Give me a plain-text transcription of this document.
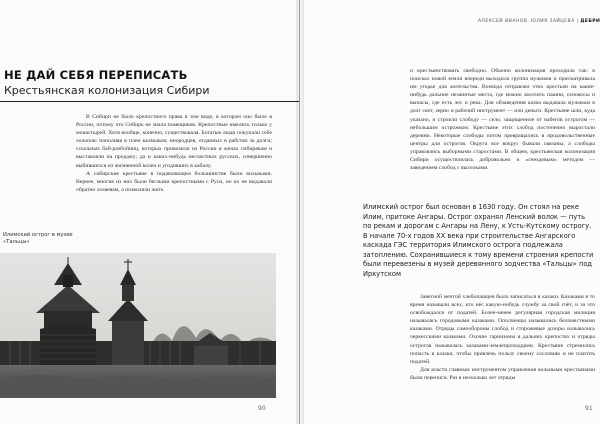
НЕ ДАЙ СЕБЯ ПЕРЕПИСАТЬ
Крестьянская колонизация Сибири

В Сибири не было крепостного права в том виде, в котором оно было в России, потому что Сибирь не знала помещиков. Крепостные имелись только у монастырей. Хотя вообще, конечно, существовала. Богатые люди покупали себе холопов: пополняя в плен калмыков; инородцев, отданных в рабство за долги; ссыльных баб-разбойниц, которых привозили из России в женах сибирякам и выставляли на продажу; да и каких-нибудь несчастных русских, совершенно выбившихся из жизненной колеи и угодивших в кабалу.

А сибирские крестьяне в подавляющем большинстве были вольными. Вернее, многие из них были беглыми крепостными с Руси, но их не выдавали обратно хозяевам, а позволяли жить

Илимский острог в музее «Тальцы»
90
АЛЕКСЕЙ ИВАНОВ, ЮЛИЯ ЗАЙЦЕВА | ДЕБРИ

и крестьянствовать свободно. Обычно колонизация проходила так: в поисках новой земли впереди выходила группа мужиков и присматривала им угодье для жительства. Воевода отправлял этих крестьян на какие-нибудь дальние незанятые места, где можно заселить пашни, сенокосы и выпасы, где есть лес и река. Для обзаведения казна выдавала мужикам в долг скот, зерно и рабочий инструмент — или деньги. Крестьяне шли, куда указано, и строили слободу — село, защищенное от набегов острогом — небольшим острожком. Крестьяне этих слобод постепенно выростали деревни. Некоторые слободы потом превращались в продовольственные центры для острогов. Округа все вокруг бывали связаны, а слободы управлялись выборными старостами. В общем, крестьянская колонизация Сибири осуществлялась добровольно и «гнездовым» методом — заведением слобод с выселками.

Илимский острог был основан в 1630 году. Он стоял на реке Илим, притоке Ангары. Острог охранял Ленский волок — путь по рекам и дорогам с Ангары на Лену, к Усть-Кутскому острогу. В начале 70-х годов ХХ века при строительстве Ангарского каскада ГЭС территория Илимского острога подлежала затоплению. Сохранившиеся к тому времени строения крепости были перевезены в музей деревянного зодчества «Тальцы» под Иркутском

Заветной мечтой хлебопашцев было записаться в казаки. Казаками в то время называли всех, кто нёс какую-нибудь службу за свой счёт, и за это освобождался от податей. Более-менее регулярная городская милиция называлась городовыми казаками. Ополченцы назывались беломестными казаками. Отряды самообороны слобод и сторожевые дозоры назывались черкесскими казаками. Охочие гарнизоны в дальних крепостях и отряды острогов называлась казаками-землепроходцами. Крестьяне стремились попасть в казаки, чтобы привлечь пользу своему сословию и не платить податей.

Для власти главным инструментом управления вольными крестьянами были переписи. Раз в несколько лет отряды

91
